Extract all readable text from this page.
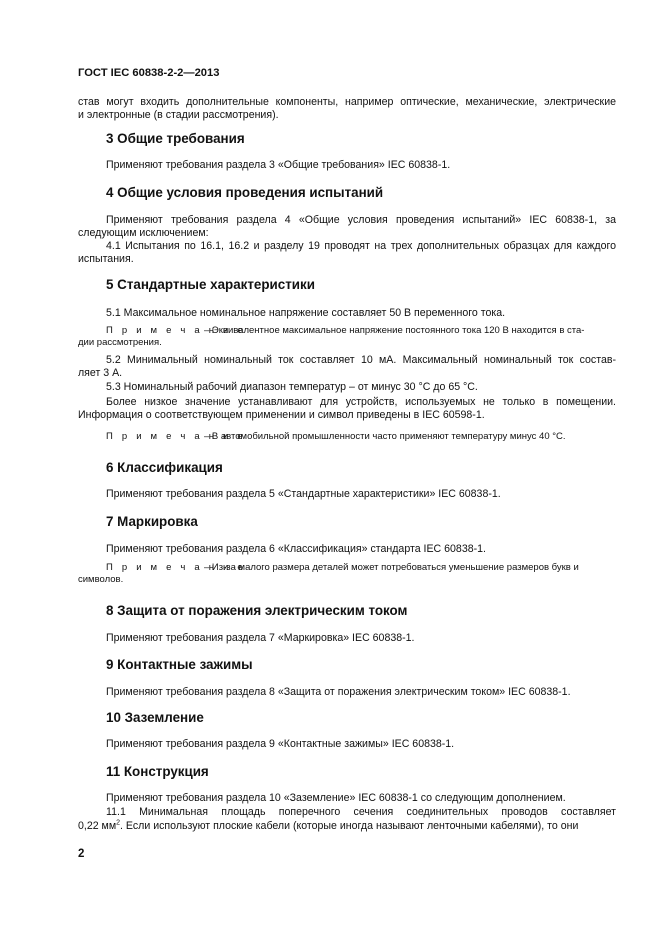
ГОСТ IEC 60838-2-2—2013
став могут входить дополнительные компоненты, например оптические, механические, электрические
и электронные (в стадии рассмотрения).
3 Общие требования
Применяют требования раздела 3 «Общие требования» IEC 60838-1.
4 Общие условия проведения испытаний
Применяют требования раздела 4 «Общие условия проведения испытаний» IEC 60838-1, за
следующим исключением:
4.1 Испытания по 16.1, 16.2 и разделу 19 проводят на трех дополнительных образцах для каждого
испытания.
5 Стандартные характеристики
5.1 Максимальное номинальное напряжение составляет 50 В переменного тока.
П р и м е ч а н и е
– Эквивалентное максимальное напряжение постоянного тока 120 В находится в ста-
дии рассмотрения.
5.2 Минимальный номинальный ток составляет 10 мА. Максимальный номинальный ток состав-
ляет 3 А.
5.3 Номинальный рабочий диапазон температур – от минус 30 °С до 65 °С.
Более низкое значение устанавливают для устройств, используемых не только в помещении.
Информация о соответствующем применении и символ приведены в IEC 60598-1.
П р и м е ч а н и е
– В автомобильной промышленности часто применяют температуру минус 40 °С.
6 Классификация
Применяют требования раздела 5 «Стандартные характеристики» IEC 60838-1.
7 Маркировка
Применяют требования раздела 6 «Классификация» стандарта IEC 60838-1.
П р и м е ч а н и е
– Из-за малого размера деталей может потребоваться уменьшение размеров букв и
символов.
8 Защита от поражения электрическим током
Применяют требования раздела 7 «Маркировка» IEC 60838-1.
9 Контактные зажимы
Применяют требования раздела 8 «Защита от поражения электрическим током» IEC 60838-1.
10 Заземление
Применяют требования раздела 9 «Контактные зажимы» IEC 60838-1.
11 Конструкция
Применяют требования раздела 10 «Заземление» IEC 60838-1 со следующим дополнением.
11.1 Минимальная площадь поперечного сечения соединительных проводов составляет
0,22 $мм^2$. Если используют плоские кабели (которые иногда называют ленточными кабелями), то они
2
